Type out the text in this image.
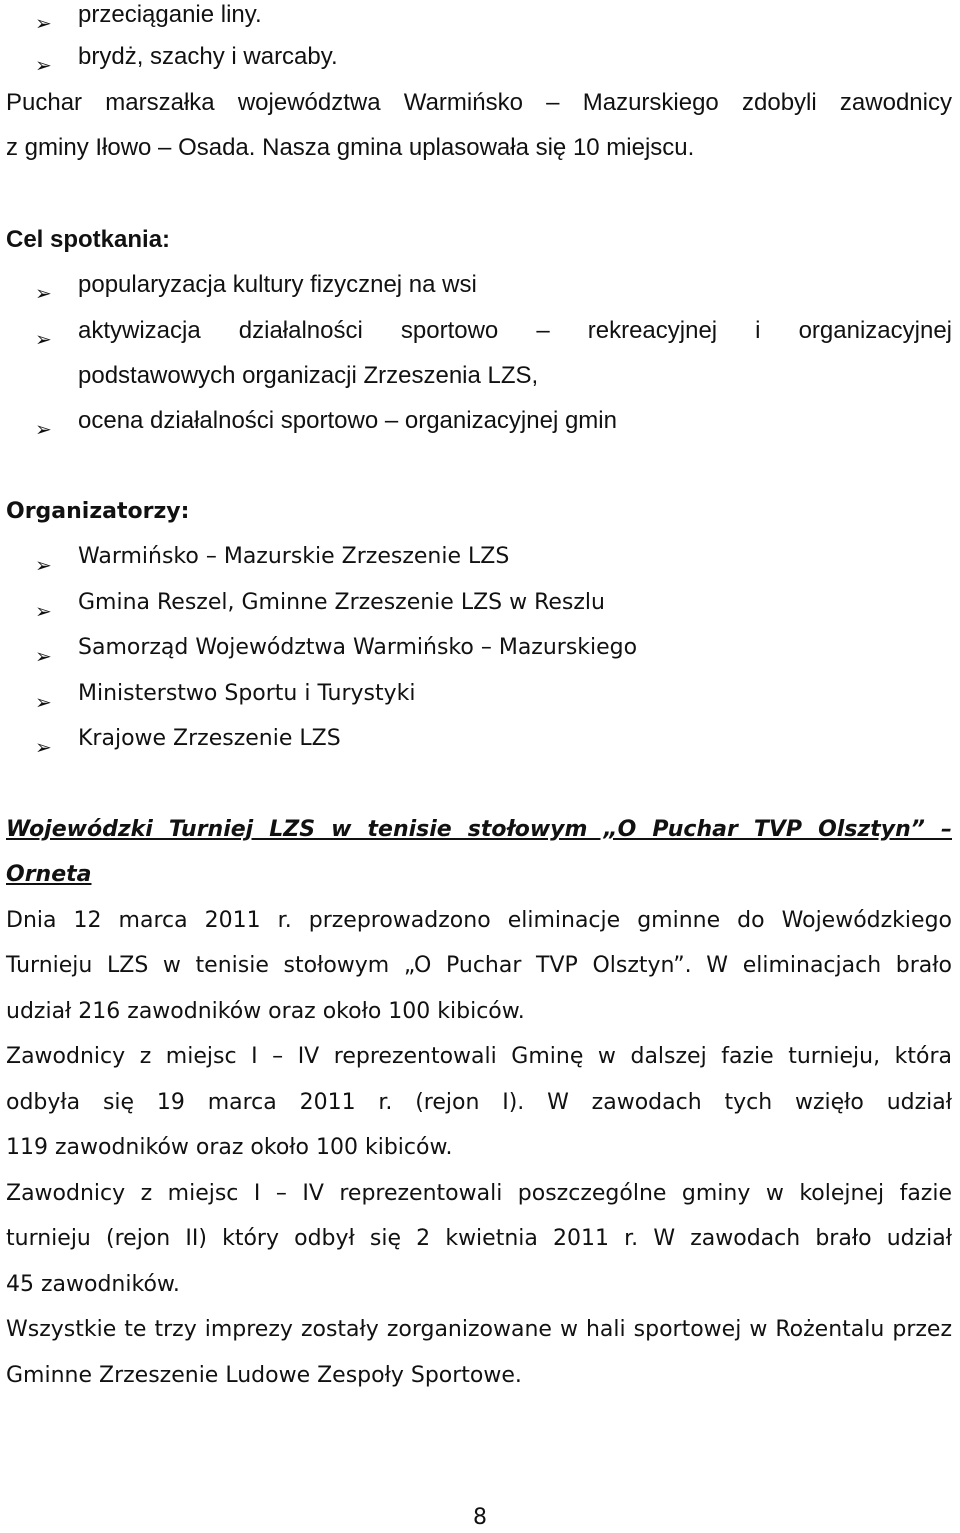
➢ przeciąganie liny.
➢ brydż, szachy i warcaby.
Puchar marszałka województwa Warmińsko – Mazurskiego zdobyli zawodnicy
z gminy Iłowo – Osada. Nasza gmina uplasowała się 10 miejscu.
Cel spotkania:
➢ popularyzacja kultury fizycznej na wsi
➢ aktywizacja działalności sportowo – rekreacyjnej i organizacyjnej
podstawowych organizacji Zrzeszenia LZS,
➢ ocena działalności sportowo – organizacyjnej gmin
Organizatorzy:
➢ Warmińsko – Mazurskie Zrzeszenie LZS
➢ Gmina Reszel, Gminne Zrzeszenie LZS w Reszlu
➢ Samorząd Województwa Warmińsko – Mazurskiego
➢ Ministerstwo Sportu i Turystyki
➢ Krajowe Zrzeszenie LZS
Wojewódzki Turniej LZS w tenisie stołowym „O Puchar TVP Olsztyn” –
Orneta
Dnia 12 marca 2011 r. przeprowadzono eliminacje gminne do Wojewódzkiego
Turnieju LZS w tenisie stołowym „O Puchar TVP Olsztyn”. W eliminacjach brało
udział 216 zawodników oraz około 100 kibiców.
Zawodnicy z miejsc I – IV reprezentowali Gminę w dalszej fazie turnieju, która
odbyła się 19 marca 2011 r. (rejon I). W zawodach tych wzięło udział
119 zawodników oraz około 100 kibiców.
Zawodnicy z miejsc I – IV reprezentowali poszczególne gminy w kolejnej fazie
turnieju (rejon II) który odbył się 2 kwietnia 2011 r. W zawodach brało udział
45 zawodników.
Wszystkie te trzy imprezy zostały zorganizowane w hali sportowej w Rożentalu przez
Gminne Zrzeszenie Ludowe Zespoły Sportowe.
8
